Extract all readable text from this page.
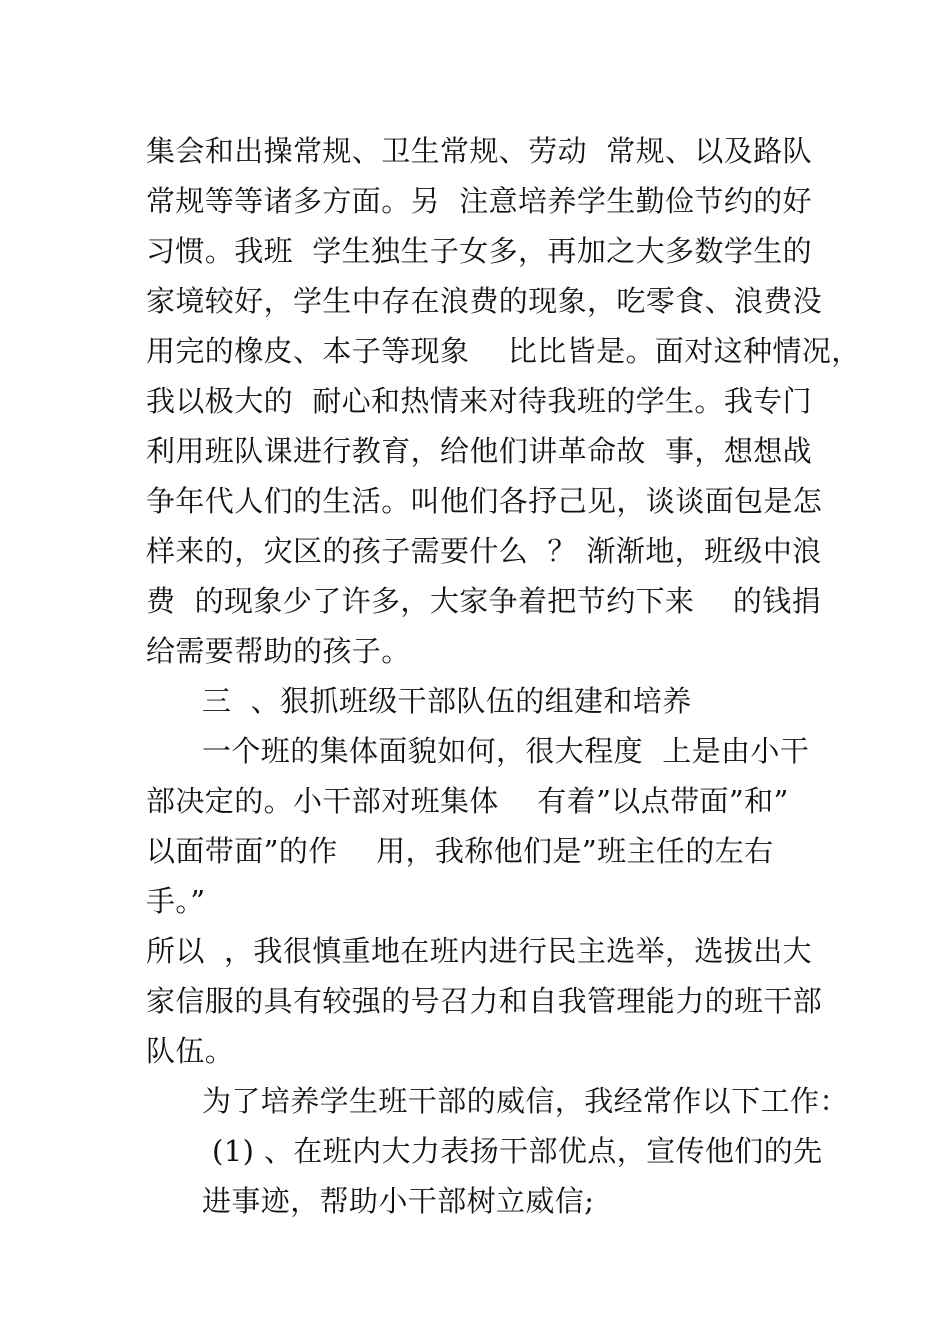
集会和出操常规、卫生常规、劳动  常规、以及路队
常规等等诸多方面。另  注意培养学生勤俭节约的好
习惯。我班  学生独生子女多，再加之大多数学生的
家境较好，学生中存在浪费的现象，吃零食、浪费没
用完的橡皮、本子等现象    比比皆是。面对这种情况，
我以极大的  耐心和热情来对待我班的学生。我专门
利用班队课进行教育，给他们讲革命故  事，想想战
争年代人们的生活。叫他们各抒己见，谈谈面包是怎
样来的，灾区的孩子需要什么  ？ 渐渐地，班级中浪
费  的现象少了许多，大家争着把节约下来    的钱捐
给需要帮助的孩子。
三  、狠抓班级干部队伍的组建和培养
一个班的集体面貌如何，很大程度  上是由小干
部决定的。小干部对班集体    有着”以点带面”和”
以面带面”的作    用，我称他们是”班主任的左右
手。”
所以  ，我很慎重地在班内进行民主选举，选拔出大
家信服的具有较强的号召力和自我管理能力的班干部
队伍。
为了培养学生班干部的威信，我经常作以下工作：
(1) 、在班内大力表扬干部优点，宣传他们的先
进事迹，帮助小干部树立威信;
